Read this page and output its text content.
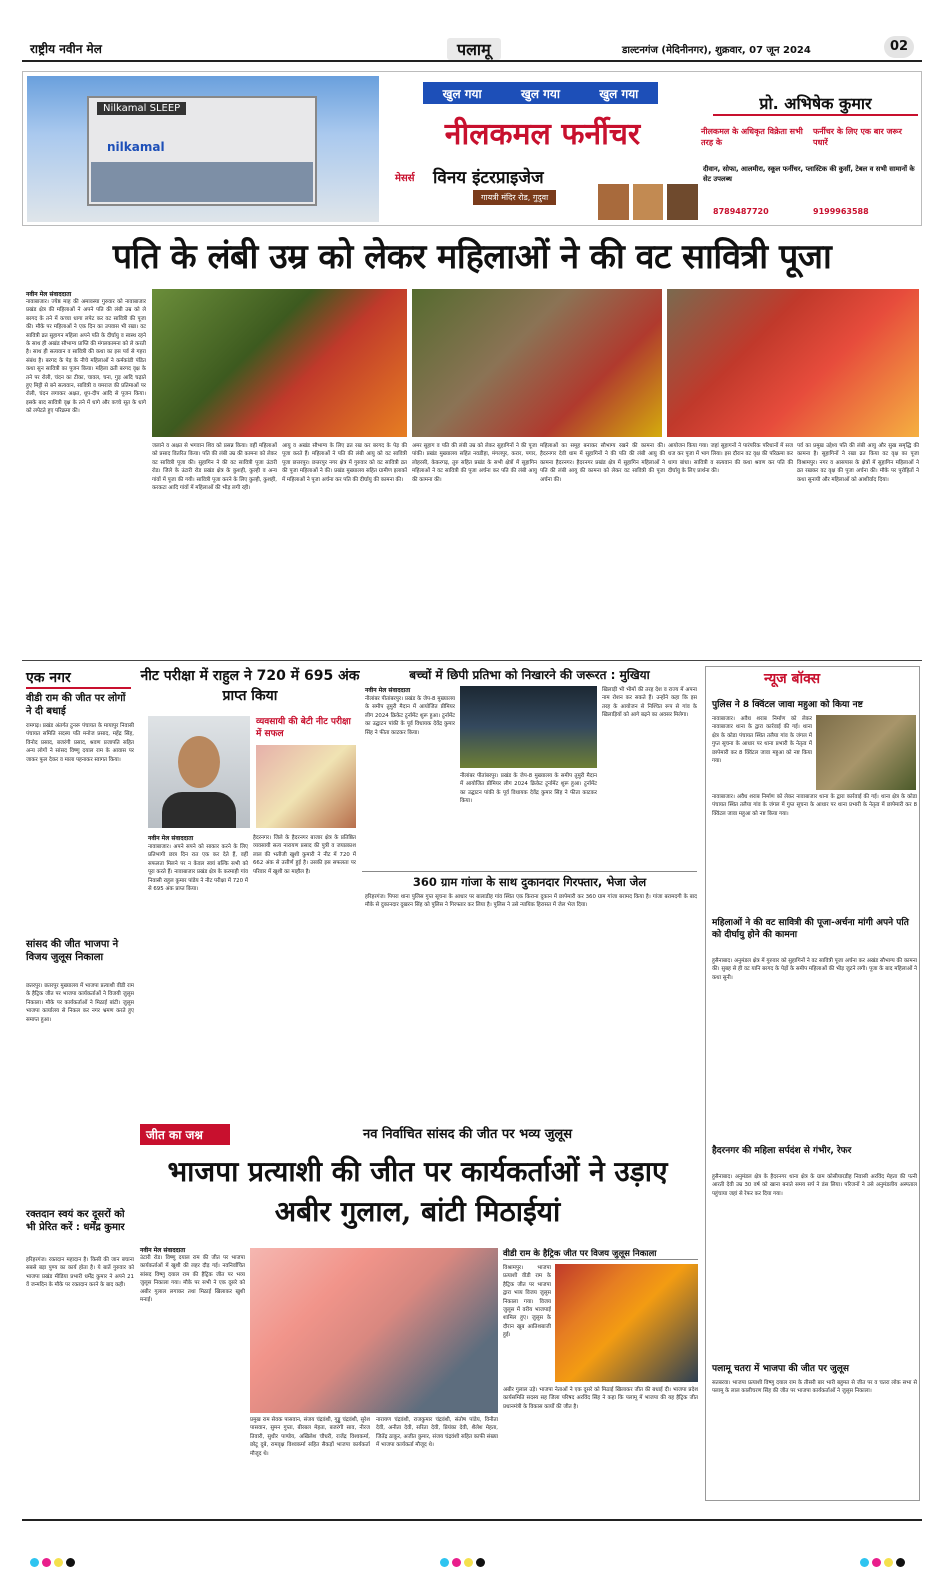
राष्ट्रीय नवीन मेल	पलामू	डाल्टनगंज (मेदिनीनगर), शुक्रवार, 07 जून 2024	02
Nilkamal SLEEP
nilkamal
खुल गया	खुल गया	खुल गया
नीलकमल फर्नीचर
मेसर्स विनय इंटरप्राइजेज
गायत्री मंदिर रोड, गुदुवा
प्रो. अभिषेक कुमार
नीलकमल के अधिकृत विक्रेता सभी तरह के
फर्नीचर के लिए एक बार जरूर पधारें
दीवान, सोफा, आलमीरा, स्कूल फर्नीचर, प्लास्टिक की कुर्सी, टेबल व सभी सामानों के सेट उपलब्ध
8789487720	9199963588
पति के लंबी उम्र को लेकर महिलाओं ने की वट सावित्री पूजा
नवीन मेल संवाददाता
नावाबाजार। ज्येष्ठ माह की अमावस्या गुरुवार को नावाबाजार प्रखंड क्षेत्र की महिलाओं ने अपने पति की लंबी उम्र को ले बरगद के तने में कच्चा धागा लपेट कर वट सावित्री की पूजा की। मौके पर महिलाओं ने एक दिन का उपवास भी रखा। वट सावित्री व्रत सुहागन महिला अपने पति के दीर्घायु व स्वस्थ रहने के साथ ही अखंड सौभाग्य प्राप्ति की मंगलकामना को ले करती है। साथ ही सत्यवान व सावित्री की कथा का इस पर्व से गहरा संबंध है। बरगद के पेड़ के नीचे महिलाओं ने कर्मकांडी पंडित कथा सुन सावित्री का पूजन किया। महिला व्रती बरगद वृक्ष के तने पर रोली, चंदन का टीका, चावल, चना, गुड़ आदि चढ़ाते हुए मिट्टी से बने सत्यवान, सावित्री व यमराज की प्रतिमाओं पर रोली, चंदन लगाकर अक्षत, धूप-दीप आदि से पूजन किया। इसके बाद सावित्री वृक्ष के तने में धागे और कच्चे सूत के धागे को लपेटते हुए परिक्रमा की।
जलाने व अक्षत से भगवान शिव को प्रसन्न किया। वहीं महिलाओं को प्रसाद वितरित किया। पति की लंबी उम्र की कामना को लेकर वट सावित्री पूजा की। सुहागिन ने की वट सावित्री पूजा उंटारी रोड। जिले के उंटारी रोड प्रखंड क्षेत्र के कुशही, कुल्ही व अन्य गांवों में पूजा की गयी। सावित्री पूजा करने के लिए कुल्ही, कुशही, करकटा आदि गांवों में महिलाओं की भीड़ लगी रही।
आयु व अखंड सौभाग्य के लिए व्रत रख कर बरगद के पेड़ की पूजा करते हैं। महिलाओं ने पति की लंबी आयु को वट सावित्री पूजा छत्तरपुर। छत्तरपुर नगर क्षेत्र में गुरुवार को वट सावित्री व्रत की पूजा महिलाओं ने की। प्रखंड मुख्यालय सहित ग्रामीण इलाकों में महिलाओं ने पूजा अर्चना कर पति की दीर्घायु की कामना की।
अमर सुहाग व पति की लंबी उम्र को लेकर सुहागिनों ने की पूजा पांकी। प्रखंड मुख्यालय सहित नवडीहा, मंगलपुर, करार, पगार, लोहरसी, केकरगढ़, तुरु सहित प्रखंड के सभी क्षेत्रों में सुहागिन महिलाओं ने वट सावित्री की पूजा अर्चना कर पति की लंबी आयु की कामना की।
महिलाओं का समूह बनाकर सौभाग्य रखने की कामना की। हैदरनगर देवी धाम में सुहागिनों ने की पति की लंबी आयु की कामना हैदरनगर। हैदरनगर प्रखंड क्षेत्र में सुहागिन महिलाओं ने पति की लंबी आयु की कामना को लेकर वट सावित्री की पूजा अर्चना की।
आयोजन किया गया। जहां सुहागनों ने पारंपरिक परिधानों में सज धज कर पूजा में भाग लिया। इस दौरान वट वृक्ष की परिक्रमा कर धागा बांधा। सावित्री व सत्यवान की कथा श्रवण कर पति की दीर्घायु के लिए प्रार्थना की।
पर्व का प्रमुख उद्देश्य पति की लंबी आयु और सुख समृद्धि की कामना है। सुहागिनों ने रखा व्रत किया वट वृक्ष का पूजा विश्रामपुर। नगर व आसपास के क्षेत्रों में सुहागिन महिलाओं ने व्रत रखकर वट वृक्ष की पूजा अर्चना की। मौके पर पुरोहितों ने कथा सुनायी और महिलाओं को आशीर्वाद दिया।
एक नगर
वीडी राम की जीत पर लोगों ने दी बधाई
रामगढ़। प्रखंड अंतर्गत टुनरू पंचायत के मायापुर निवासी पंचायत समिति सदस्य पति मनोज प्रसाद, महेंद्र सिंह, विनोद प्रसाद, बजरंगी प्रसाद, श्रवण प्रजापति सहित अन्य लोगों ने सांसद विष्णु दयाल राम के आवास पर जाकर फूल देकर व माला पहनाकर स्वागत किया।
सांसद की जीत भाजपा ने विजय जुलूस निकाला
छतरपुर। छतरपुर मुख्यालय में भाजपा प्रत्याशी वीडी राम के हैट्रिक जीत पर भाजपा कार्यकर्ताओं ने विजयी जुलूस निकाला। मौके पर कार्यकर्ताओं ने मिठाई बांटी। जुलूस भाजपा कार्यालय से निकल कर नगर भ्रमण करते हुए समाप्त हुआ।
रक्तदान स्वयं कर दूसरों को भी प्रेरित करें : धर्मेंद्र कुमार
हरिहरगंज। रक्तदान महादान है। किसी की जान बचाना सबसे बड़ा पुण्य का कार्य होता है। ये बातें गुरुवार को भाजपा प्रखंड मीडिया प्रभारी धर्मेंद्र कुमार ने अपने 21 वें जन्मदिन के मौके पर रक्तदान करने के बाद कही।
नीट परीक्षा में राहुल ने 720 में 695 अंक प्राप्त किया
व्यवसायी की बेटी नीट परीक्षा में सफल
नवीन मेल संवाददाता
नावाबाजार। अपने सपने को साकार करने के लिए प्रतिभागी छात्र दिन रात एक कर देते हैं, वहीं सफलता मिलने पर न केवल स्वयं बल्कि सभी को पूरा करते हैं। नावाबाजार प्रखंड क्षेत्र के करमाही गांव निवासी राहुल कुमार पांडेय ने नीट परीक्षा में 720 में से 695 अंक प्राप्त किया।
हैदरनगर। जिले के हैदरनगर बाजार क्षेत्र के प्रतिष्ठित व्यवसायी सत्य नारायण प्रसाद की पुत्री व जयप्रकाश लाल की भतीजी खुशी कुमारी ने नीट में 720 में 662 अंक से उत्तीर्ण हुई है। उसकी इस सफलता पर परिवार में खुशी का माहौल है।
बच्चों में छिपी प्रतिभा को निखारने की जरूरत : मुखिया
नवीन मेल संवाददाता
नीलांबर पीतांबरपुर। प्रखंड के जेप-8 मुख्यालय के समीप तुमुरी मैदान में आयोजित प्रीमियर लीग 2024 क्रिकेट टूर्नामेंट शुरू हुआ। टूर्नामेंट का उद्घाटन पांकी के पूर्व विधायक देवेंद्र कुमार सिंह ने फीता काटकर किया।
खिलाड़ी भी भीमों की तरह देश व राज्य में अपना नाम रोशन कर सकते हैं। उन्होंने कहा कि इस तरह के आयोजन से निश्चित रूप से गांव के खिलाड़ियों को आगे बढ़ने का अवसर मिलेगा।
नीलांबर पीतांबरपुर। प्रखंड के जेप-8 मुख्यालय के समीप तुमुरी मैदान में आयोजित प्रीमियर लीग 2024 क्रिकेट टूर्नामेंट शुरू हुआ। टूर्नामेंट का उद्घाटन पांकी के पूर्व विधायक देवेंद्र कुमार सिंह ने फीता काटकर किया।
360 ग्राम गांजा के साथ दुकानदार गिरफ्तार, भेजा जेल
हरिहरगंज। पिपरा थाना पुलिस गुप्त सूचना के आधार पर बालाडीह गांव स्थित एक किराना दुकान में छापेमारी कर 360 ग्राम गांजा बरामद किया है। गांजा बरामदगी के बाद मौके से दुकानदार दुखरन सिंह को पुलिस ने गिरफ्तार कर लिया है। पुलिस ने उसे न्यायिक हिरासत में जेल भेज दिया।
न्यूज बॉक्स
पुलिस ने 8 क्विंटल जावा महुआ को किया नष्ट
नावाबाजार। अवैध शराब निर्माण को लेकर नावाबाजार थाना के द्वारा कार्रवाई की गई। थाना क्षेत्र के कोडा पंचायत स्थित तलैया गांव के जंगल में गुप्त सूचना के आधार पर थाना प्रभारी के नेतृत्व में छापेमारी कर 8 क्विंटल जावा महुआ को नष्ट किया गया।
नावाबाजार। अवैध शराब निर्माण को लेकर नावाबाजार थाना के द्वारा कार्रवाई की गई। थाना क्षेत्र के कोडा पंचायत स्थित तलैया गांव के जंगल में गुप्त सूचना के आधार पर थाना प्रभारी के नेतृत्व में छापेमारी कर 8 क्विंटल जावा महुआ को नष्ट किया गया।
महिलाओं ने की वट सावित्री की पूजा-अर्चना मांगी अपने पति को दीर्घायु होने की कामना
हुसैनाबाद। अनुमंडल क्षेत्र में गुरुवार को सुहागिनों ने वट सावित्री पूजा अर्चना कर अखंड सौभाग्य की कामना की। सुबह से ही वट यानि बरगद के पेड़ों के समीप महिलाओं की भीड़ जुटने लगी। पूजा के बाद महिलाओं ने कथा सुनी।
हैदरनगर की महिला सर्पदंश से गंभीर, रेफर
हुसैनाबाद। अनुमंडल क्षेत्र के हैदरनगर थाना क्षेत्र के ग्राम कोसीयारडीह निवासी अरविंद मेहता की पत्नी आरती देवी उम्र 30 वर्ष को खाना बनाते समय सर्प ने डंस लिया। परिजनों ने उसे अनुमंडलीय अस्पताल पहुंचाया जहां से रेफर कर दिया गया।
पलामू चतरा में भाजपा की जीत पर जुलूस
सतबरवा। भाजपा प्रत्याशी विष्णु दयाल राम के तीसरी बार भारी बहुमत से जीत पर व चतरा लोक सभा से पलामू के लाल कालीचरण सिंह की जीत पर भाजपा कार्यकर्ताओं ने जुलूस निकाला।
जीत का जश्न	नव निर्वाचित सांसद की जीत पर भव्य जुलूस
भाजपा प्रत्याशी की जीत पर कार्यकर्ताओं ने उड़ाए अबीर गुलाल, बांटी मिठाईयां
नवीन मेल संवाददाता
उंटारी रोड। विष्णु दयाल राम की जीत पर भाजपा कार्यकर्ताओं में खुशी की लहर दौड़ गई। नवनिर्वाचित सांसद विष्णु दयाल राम की हैट्रिक जीत पर भव्य जुलूस निकाला गया। मौके पर सभी ने एक दूसरे को अबीर गुलाल लगाकर तथा मिठाई खिलाकर खुशी मनाई।
प्रमुख राम सेवक पासवान, संजय चंद्रवंशी, गुड्डू चंद्रवंशी, सुरेश पासवान, सुमन गुप्ता, बीरबल मेहता, बजरंगी साव, नीरज तिवारी, सुधीर पाण्डेय, अखिलेश चौधरी, राजेंद्र विश्वकर्मा, छोटू दुबे, रामवृक्ष विश्वकर्मा सहित सैकड़ों भाजपा कार्यकर्ता मौजूद थे।
नारायण चंद्रवंशी, राजकुमार चंद्रवंशी, संतोष पांडेय, विनीता देवी, अनीता देवी, सरिता देवी, प्रियंका देवी, शैलेश मेहता, जितेंद्र ठाकुर, अजीत कुमार, संजय चंद्रवंशी सहित काफी संख्या में भाजपा कार्यकर्ता मौजूद थे।
वीडी राम के हैट्रिक जीत पर विजय जुलूस निकाला
विश्रामपुर। भाजपा प्रत्याशी वीडी राम के हैट्रिक जीत पर भाजपा द्वारा भव्य विजय जुलूस निकाला गया। विजय जुलूस में वरीय भाजपाई शामिल हुए। जुलूस के दौरान खूब आतिशबाजी हुई।
अबीर गुलाल उड़े। भाजपा नेताओं ने एक दूसरे को मिठाई खिलाकर जीत की बधाई दी। भाजपा प्रदेश कार्यसमिति सदस्य सह जिला परिषद अरविंद सिंह ने कहा कि पलामू में भाजपा की यह हैट्रिक जीत प्रधानमंत्री के विकास कार्यों की जीत है।
